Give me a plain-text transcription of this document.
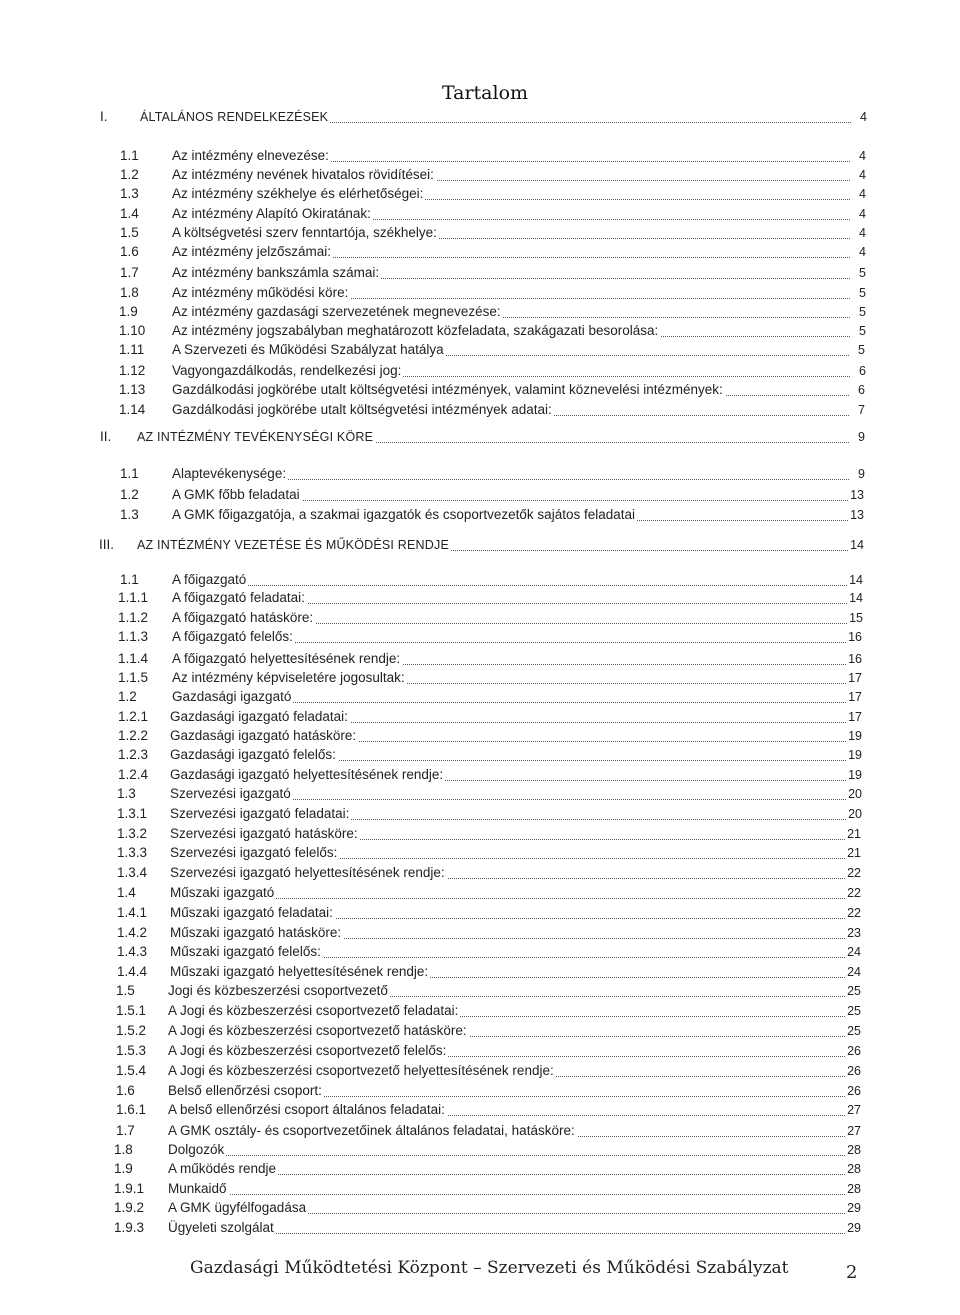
Tartalom
I.	ÁLTALÁNOS RENDELKEZÉSEK	4
1.1 Az intézmény elnevezése:	4
1.2 Az intézmény nevének hivatalos rövidítései:	4
1.3 Az intézmény székhelye és elérhetőségei:	4
1.4 Az intézmény Alapító Okiratának:	4
1.5 A költségvetési szerv fenntartója, székhelye:	4
1.6 Az intézmény jelzőszámai:	4
1.7 Az intézmény bankszámla számai:	5
1.8 Az intézmény működési köre:	5
1.9	Az intézmény gazdasági szervezetének megnevezése:	5
1.10 Az intézmény jogszabályban meghatározott közfeladata, szakágazati besorolása:	5
1.11 A Szervezeti és Működési Szabályzat hatálya	5
1.12 Vagyongazdálkodás, rendelkezési jog:	6
1.13 Gazdálkodási jogkörébe utalt költségvetési intézmények, valamint köznevelési intézmények:	6
1.14 Gazdálkodási jogkörébe utalt költségvetési intézmények adatai:	7
II. AZ INTÉZMÉNY TEVÉKENYSÉGI KÖRE	9
1.1 Alaptevékenysége:	9
1.2 A GMK főbb feladatai	13
1.3 A GMK főigazgatója, a szakmai igazgatók és csoportvezetők sajátos feladatai	13
III. AZ INTÉZMÉNY VEZETÉSE ÉS MŰKÖDÉSI RENDJE	14
1.1 A főigazgató	14
1.1.1 A főigazgató feladatai:	14
1.1.2 A főigazgató hatásköre:	15
1.1.3 A főigazgató felelős:	16
1.1.4 A főigazgató helyettesítésének rendje:	16
1.1.5 Az intézmény képviseletére jogosultak:	17
1.2	Gazdasági igazgató	17
1.2.1 Gazdasági igazgató feladatai:	17
1.2.2 Gazdasági igazgató hatásköre:	19
1.2.3 Gazdasági igazgató felelős:	19
1.2.4 Gazdasági igazgató helyettesítésének rendje:	19
1.3	Szervezési igazgató	20
1.3.1 Szervezési igazgató feladatai:	20
1.3.2 Szervezési igazgató hatásköre:	21
1.3.3 Szervezési igazgató felelős:	21
1.3.4 Szervezési igazgató helyettesítésének rendje:	22
1.4	Műszaki igazgató	22
1.4.1 Műszaki igazgató feladatai:	22
1.4.2 Műszaki igazgató hatásköre:	23
1.4.3 Műszaki igazgató felelős:	24
1.4.4 Műszaki igazgató helyettesítésének rendje:	24
1.5 Jogi és közbeszerzési csoportvezető	25
1.5.1 A Jogi és közbeszerzési csoportvezető feladatai:	25
1.5.2 A Jogi és közbeszerzési csoportvezető hatásköre:	25
1.5.3 A Jogi és közbeszerzési csoportvezető felelős:	26
1.5.4 A Jogi és közbeszerzési csoportvezető helyettesítésének rendje:	26
1.6 Belső ellenőrzési csoport:	26
1.6.1 A belső ellenőrzési csoport általános feladatai:	27
1.7 A GMK osztály- és csoportvezetőinek általános feladatai, hatásköre:	27
1.8	Dolgozók	28
1.9	A működés rendje	28
1.9.1 Munkaidő	28
1.9.2 A GMK ügyfélfogadása	29
1.9.3 Ügyeleti szolgálat	29
Gazdasági Működtetési Központ – Szervezeti és Működési Szabályzat	2
